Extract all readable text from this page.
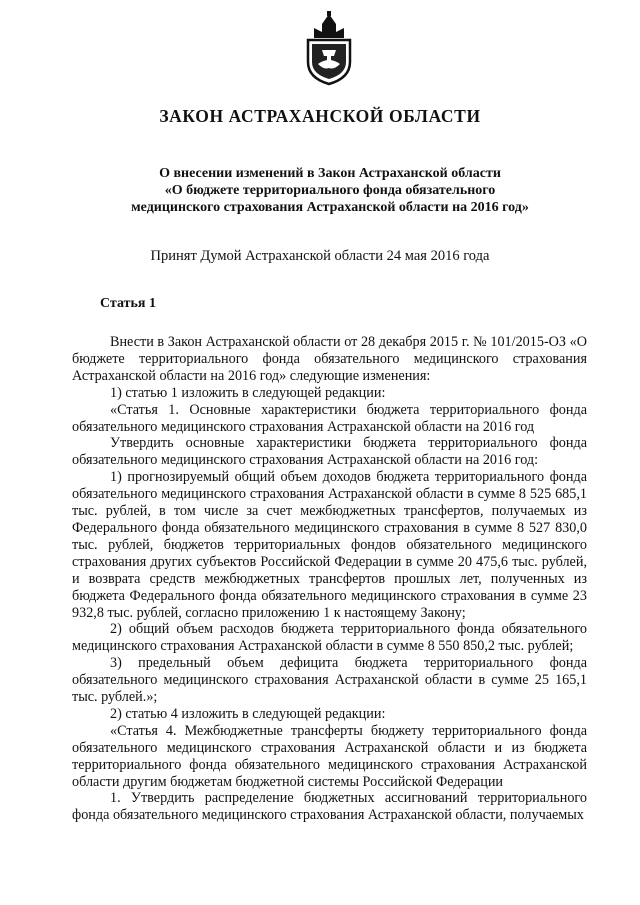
ЗАКОН АСТРАХАНСКОЙ ОБЛАСТИ
О внесении изменений в Закон Астраханской области
«О бюджете территориального фонда обязательного
медицинского страхования Астраханской области на 2016 год»
Принят Думой Астраханской области 24 мая 2016 года
Статья 1

Внести в Закон Астраханской области от 28 декабря 2015 г. № 101/2015-ОЗ «О бюджете территориального фонда обязательного медицинского страхования Астраханской области на 2016 год» следующие изменения:

1) статью 1 изложить в следующей редакции:

«Статья 1. Основные характеристики бюджета территориального фонда обязательного медицинского страхования Астраханской области на 2016 год

Утвердить основные характеристики бюджета территориального фонда обязательного медицинского страхования Астраханской области на 2016 год:

1) прогнозируемый общий объем доходов бюджета территориального фонда обязательного медицинского страхования Астраханской области в сумме 8 525 685,1 тыс. рублей, в том числе за счет межбюджетных трансфертов, получаемых из Федерального фонда обязательного медицинского страхования в сумме 8 527 830,0 тыс. рублей, бюджетов территориальных фондов обязательного медицинского страхования других субъектов Российской Федерации в сумме 20 475,6 тыс. рублей, и возврата средств межбюджетных трансфертов прошлых лет, полученных из бюджета Федерального фонда обязательного медицинского страхования в сумме 23 932,8 тыс. рублей, согласно приложению 1 к настоящему Закону;

2) общий объем расходов бюджета территориального фонда обязательного медицинского страхования Астраханской области в сумме 8 550 850,2 тыс. рублей;

3) предельный объем дефицита бюджета территориального фонда обязательного медицинского страхования Астраханской области в сумме 25 165,1 тыс. рублей.»;

2) статью 4 изложить в следующей редакции:

«Статья 4. Межбюджетные трансферты бюджету территориального фонда обязательного медицинского страхования Астраханской области и из бюджета территориального фонда обязательного медицинского страхования Астраханской области другим бюджетам бюджетной системы Российской Федерации

1. Утвердить распределение бюджетных ассигнований территориального фонда обязательного медицинского страхования Астраханской области, получаемых
